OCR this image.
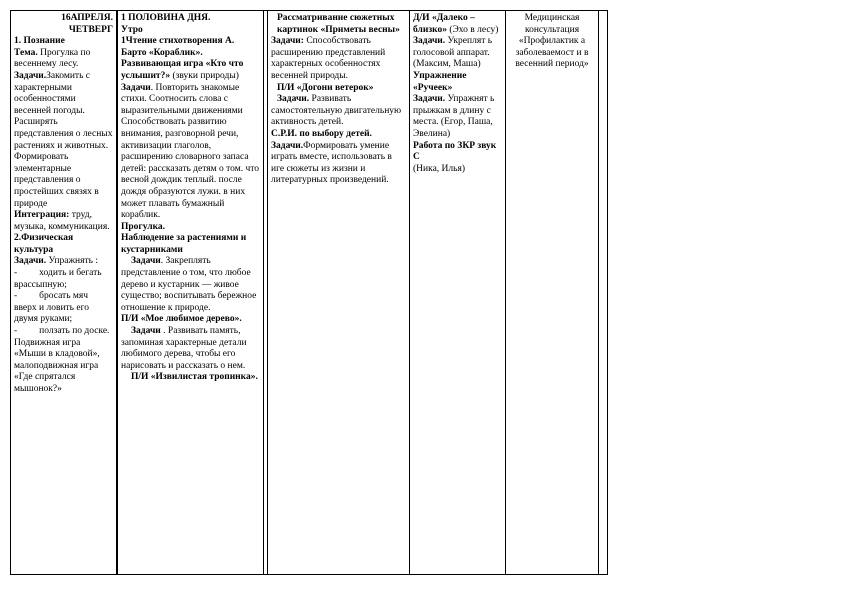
16АПРЕЛЯ.
ЧЕТВЕРГ
1. Познание
Тема. Прогулка по весеннему лесу.
Задачи.Закомить с характерными особенностями весенней погоды. Расширять представления о лесных растениях и животных. Формировать элементарные представления о простейших связях в природе
Интеграция: труд, музыка, коммуникация.
2.Физическая культура
Задачи. Упражнять :
- ходить и бегать врассыпную;
- бросать мяч вверх и ловить его двумя руками;
- ползать по доске.
Подвижная игра «Мыши в кладовой», малоподвижная игра «Где спрятался мышонок?»
1 ПОЛОВИНА ДНЯ.
Утро
1Чтение стихотворения А. Барто «Кораблик».
Развивающая игра «Кто что услышит?» (звуки природы)
Задачи. Повторить знакомые стихи. Соотносить слова с выразительными движениями
Способствовать развитию внимания, разговорной речи, активизации глаголов, расширению словарного запаса детей: рассказать детям о том. что весной дождик теплый. после дождя образуются лужи. в них может плавать бумажный кораблик.
Прогулка.
Наблюдение за растениями и кустарниками
Задачи. Закреплять представление о том, что любое дерево и кустарник — живое существо; воспитывать бережное отношение к природе.
П/И «Мое любимое дерево».
Задачи . Развивать память, запоминая характерные детали любимого дерева, чтобы его нарисовать и рассказать о нем.
П/И «Извилистая тропинка».
Рассматривание сюжетных картинок «Приметы весны»
Задачи: Способствовать расширению представлений характерных особенностях весенней природы.
П/И «Догони ветерок»
Задачи. Развивать самостоятельную двигательную активность детей.
С.Р.И. по выбору детей.
Задачи.Формировать умение играть вместе, использовать в иге сюжеты из жизни и литературных произведений.
Д/И «Далеко – близко» (Эхо в лесу)
Задачи. Укреплят ь голосовой аппарат. (Максим, Маша)
Упражнение «Ручеек»
Задачи. Упражнят ь прыжкам в длину с места. (Егор, Паша, Эвелина)
Работа по ЗКР звук С
(Ника, Илья)
Медицинская консультация «Профилактик а заболеваемост и в весенний период»
